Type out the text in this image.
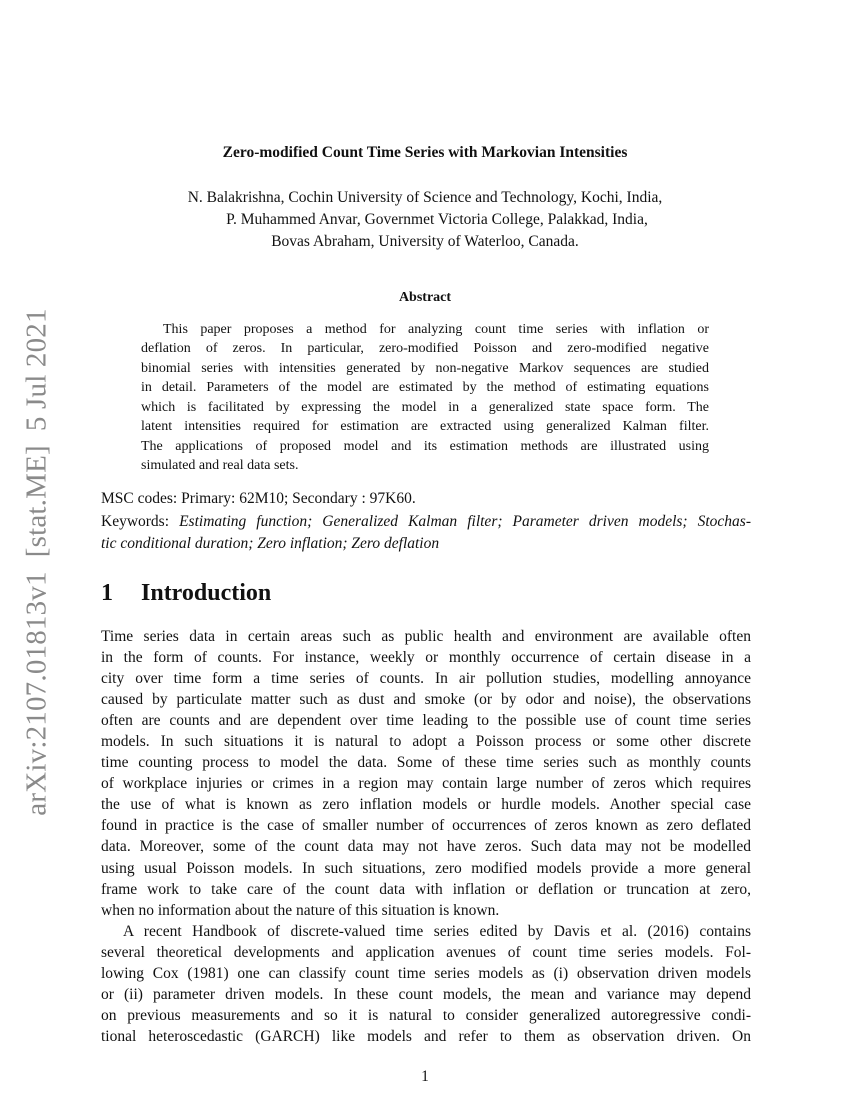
arXiv:2107.01813v1[stat.ME]5 Jul 2021
Zero-modified Count Time Series with Markovian Intensities
N. Balakrishna, Cochin University of Science and Technology, Kochi, India,
P. Muhammed Anvar, Governmet Victoria College, Palakkad, India,
Bovas Abraham, University of Waterloo, Canada.
Abstract
This paper proposes a method for analyzing count time series with inflation or
deflation of zeros. In particular, zero-modified Poisson and zero-modified negative
binomial series with intensities generated by non-negative Markov sequences are studied
in detail. Parameters of the model are estimated by the method of estimating equations
which is facilitated by expressing the model in a generalized state space form. The
latent intensities required for estimation are extracted using generalized Kalman filter.
The applications of proposed model and its estimation methods are illustrated using
simulated and real data sets.
MSC codes: Primary: 62M10; Secondary : 97K60.
Keywords: Estimating function; Generalized Kalman filter; Parameter driven models; Stochas-
tic conditional duration; Zero inflation; Zero deflation
1 Introduction
Time series data in certain areas such as public health and environment are available often
in the form of counts. For instance, weekly or monthly occurrence of certain disease in a
city over time form a time series of counts. In air pollution studies, modelling annoyance
caused by particulate matter such as dust and smoke (or by odor and noise), the observations
often are counts and are dependent over time leading to the possible use of count time series
models. In such situations it is natural to adopt a Poisson process or some other discrete
time counting process to model the data. Some of these time series such as monthly counts
of workplace injuries or crimes in a region may contain large number of zeros which requires
the use of what is known as zero inflation models or hurdle models. Another special case
found in practice is the case of smaller number of occurrences of zeros known as zero deflated
data. Moreover, some of the count data may not have zeros. Such data may not be modelled
using usual Poisson models. In such situations, zero modified models provide a more general
frame work to take care of the count data with inflation or deflation or truncation at zero,
when no information about the nature of this situation is known.
A recent Handbook of discrete-valued time series edited by Davis et al. (2016) contains
several theoretical developments and application avenues of count time series models. Fol-
lowing Cox (1981) one can classify count time series models as (i) observation driven models
or (ii) parameter driven models. In these count models, the mean and variance may depend
on previous measurements and so it is natural to consider generalized autoregressive condi-
tional heteroscedastic (GARCH) like models and refer to them as observation driven. On
1
